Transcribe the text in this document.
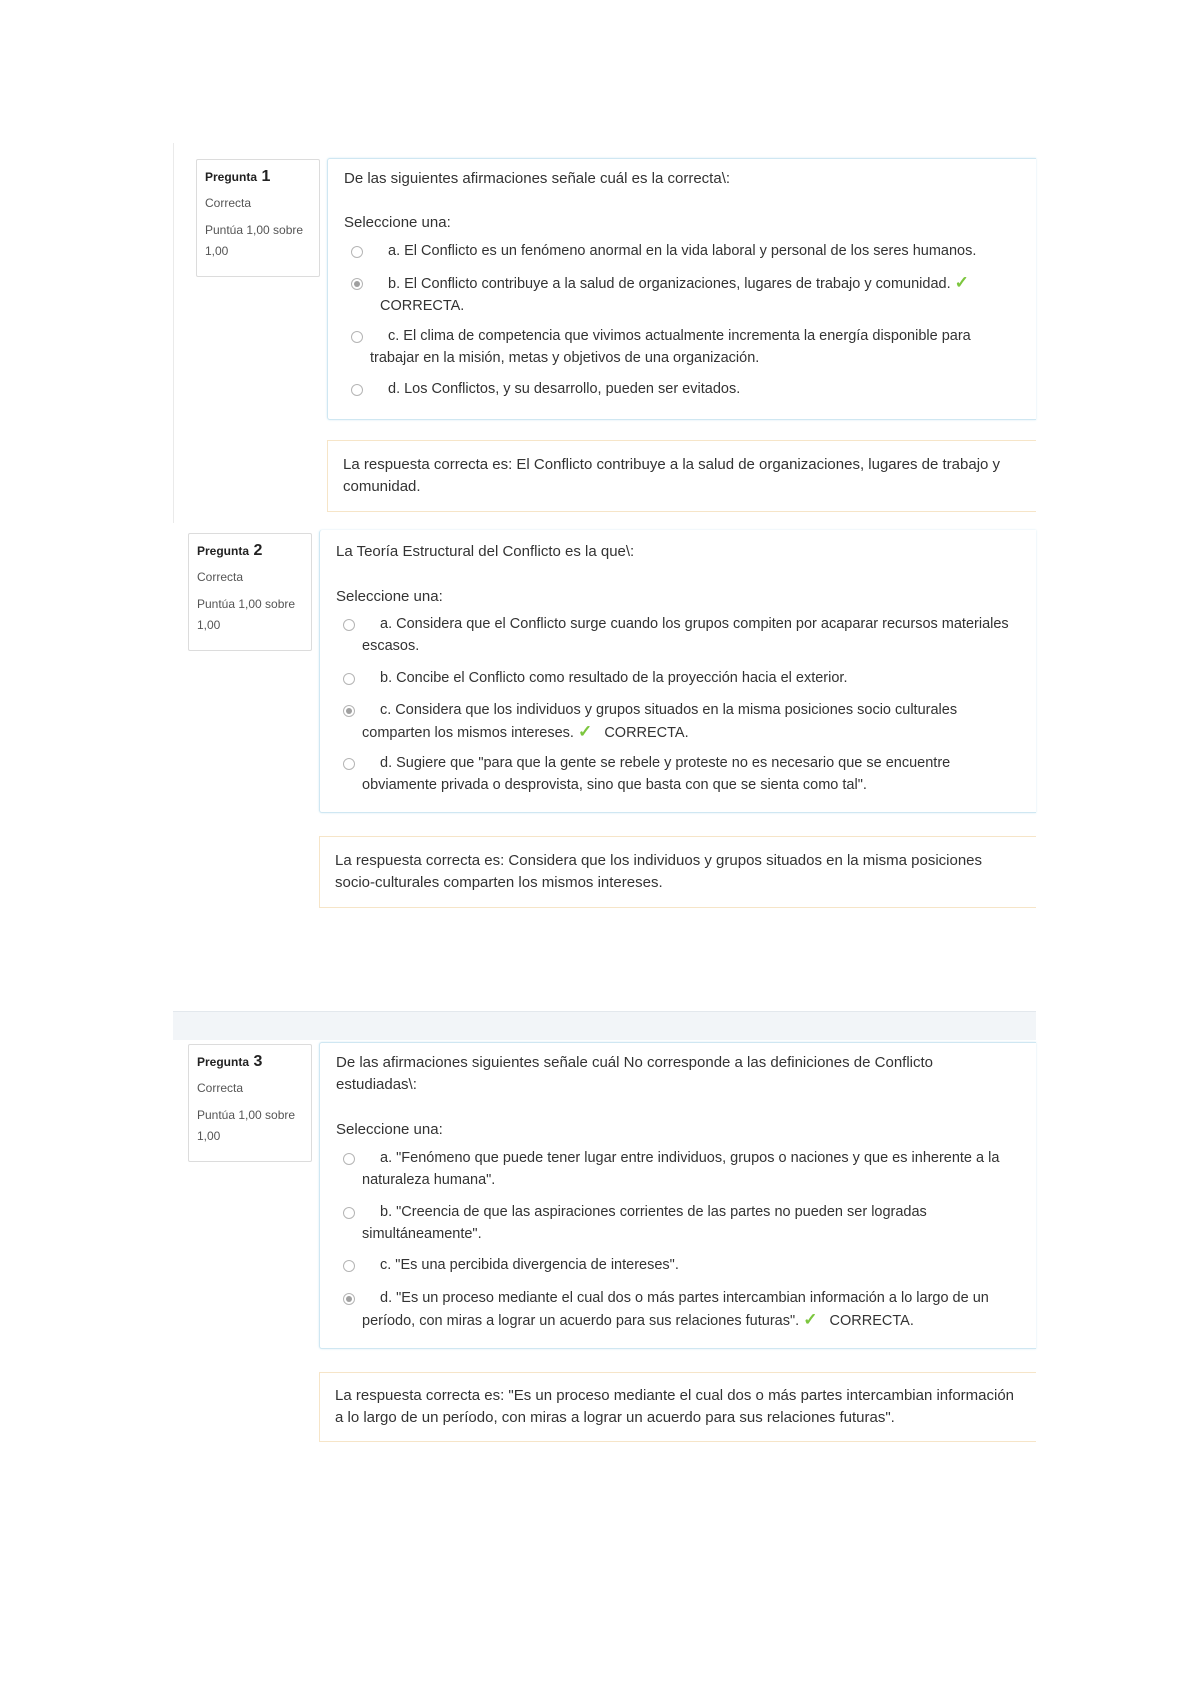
Pregunta 1
Correcta
Puntúa 1,00 sobre 1,00
De las siguientes afirmaciones señale cuál es la correcta\:
Seleccione una:
a. El Conflicto es un fenómeno anormal en la vida laboral y personal de los seres humanos.
b. El Conflicto contribuye a la salud de organizaciones, lugares de trabajo y comunidad. ✓
CORRECTA.
c. El clima de competencia que vivimos actualmente incrementa la energía disponible para trabajar en la misión, metas y objetivos de una organización.
d. Los Conflictos, y su desarrollo, pueden ser evitados.
La respuesta correcta es: El Conflicto contribuye a la salud de organizaciones, lugares de trabajo y comunidad.
Pregunta 2
Correcta
Puntúa 1,00 sobre 1,00
La Teoría Estructural del Conflicto es la que\:
Seleccione una:
a. Considera que el Conflicto surge cuando los grupos compiten por acaparar recursos materiales escasos.
b. Concibe el Conflicto como resultado de la proyección hacia el exterior.
c. Considera que los individuos y grupos situados en la misma posiciones socio culturales comparten los mismos intereses. ✓ CORRECTA.
d. Sugiere que "para que la gente se rebele y proteste no es necesario que se encuentre obviamente privada o desprovista, sino que basta con que se sienta como tal".
La respuesta correcta es: Considera que los individuos y grupos situados en la misma posiciones socio-culturales comparten los mismos intereses.
Pregunta 3
Correcta
Puntúa 1,00 sobre 1,00
De las afirmaciones siguientes señale cuál No corresponde a las definiciones de Conflicto estudiadas\:
Seleccione una:
a. "Fenómeno que puede tener lugar entre individuos, grupos o naciones y que es inherente a la naturaleza humana".
b. "Creencia de que las aspiraciones corrientes de las partes no pueden ser logradas simultáneamente".
c. "Es una percibida divergencia de intereses".
d. "Es un proceso mediante el cual dos o más partes intercambian información a lo largo de un período, con miras a lograr un acuerdo para sus relaciones futuras". ✓ CORRECTA.
La respuesta correcta es: "Es un proceso mediante el cual dos o más partes intercambian información a lo largo de un período, con miras a lograr un acuerdo para sus relaciones futuras".
